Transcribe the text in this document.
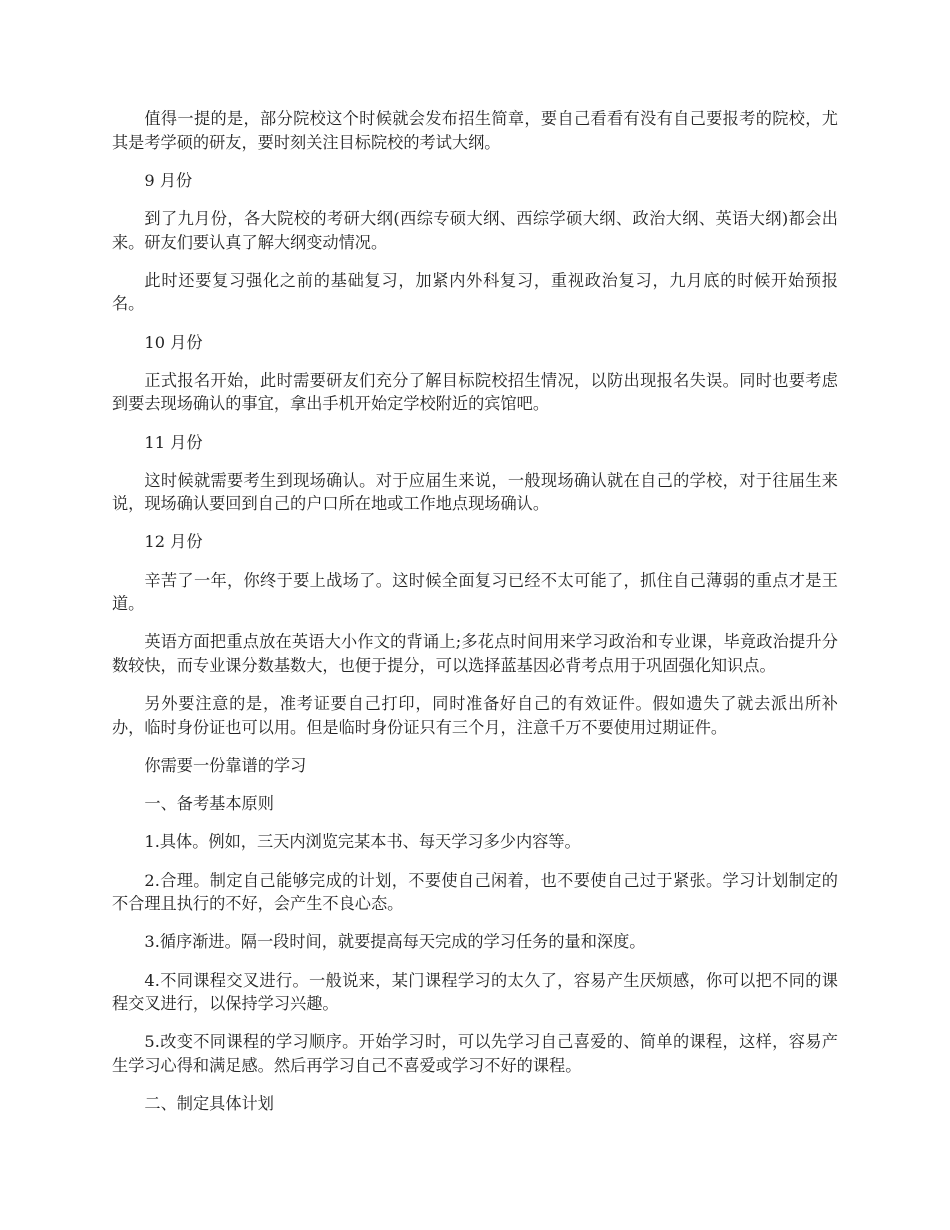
值得一提的是，部分院校这个时候就会发布招生简章，要自己看看有没有自己要报考的院校，尤其是考学硕的研友，要时刻关注目标院校的考试大纲。

9 月份

到了九月份，各大院校的考研大纲(西综专硕大纲、西综学硕大纲、政治大纲、英语大纲)都会出来。研友们要认真了解大纲变动情况。

此时还要复习强化之前的基础复习，加紧内外科复习，重视政治复习，九月底的时候开始预报名。

10 月份

正式报名开始，此时需要研友们充分了解目标院校招生情况，以防出现报名失误。同时也要考虑到要去现场确认的事宜，拿出手机开始定学校附近的宾馆吧。

11 月份

这时候就需要考生到现场确认。对于应届生来说，一般现场确认就在自己的学校，对于往届生来说，现场确认要回到自己的户口所在地或工作地点现场确认。

12 月份

辛苦了一年，你终于要上战场了。这时候全面复习已经不太可能了，抓住自己薄弱的重点才是王道。

英语方面把重点放在英语大小作文的背诵上;多花点时间用来学习政治和专业课，毕竟政治提升分数较快，而专业课分数基数大，也便于提分，可以选择蓝基因必背考点用于巩固强化知识点。

另外要注意的是，准考证要自己打印，同时准备好自己的有效证件。假如遗失了就去派出所补办，临时身份证也可以用。但是临时身份证只有三个月，注意千万不要使用过期证件。

你需要一份靠谱的学习

一、备考基本原则

1.具体。例如，三天内浏览完某本书、每天学习多少内容等。

2.合理。制定自己能够完成的计划，不要使自己闲着，也不要使自己过于紧张。学习计划制定的不合理且执行的不好，会产生不良心态。

3.循序渐进。隔一段时间，就要提高每天完成的学习任务的量和深度。

4.不同课程交叉进行。一般说来，某门课程学习的太久了，容易产生厌烦感，你可以把不同的课程交叉进行，以保持学习兴趣。

5.改变不同课程的学习顺序。开始学习时，可以先学习自己喜爱的、简单的课程，这样，容易产生学习心得和满足感。然后再学习自己不喜爱或学习不好的课程。

二、制定具体计划
